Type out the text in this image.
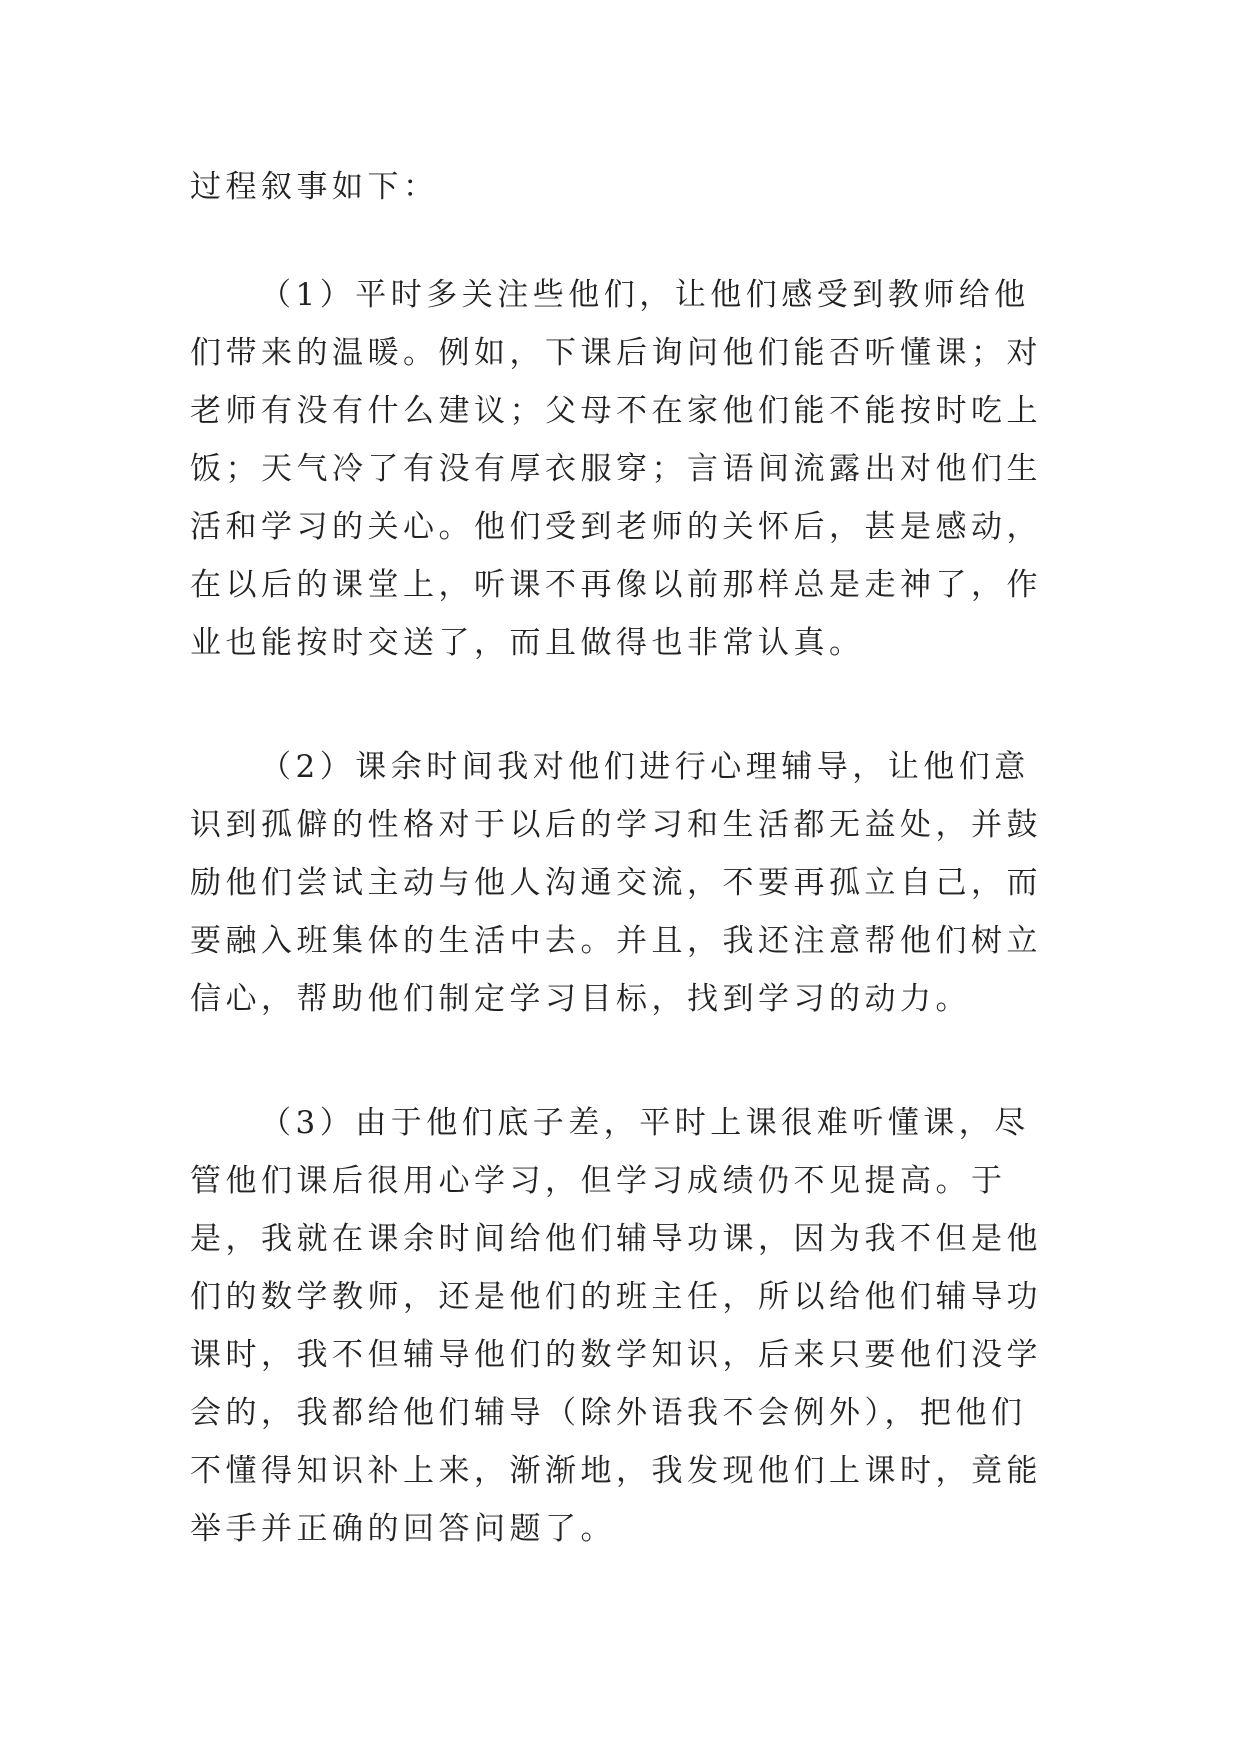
过程叙事如下：

（1）平时多关注些他们，让他们感受到教师给他们带来的温暖。例如，下课后询问他们能否听懂课；对老师有没有什么建议；父母不在家他们能不能按时吃上饭；天气冷了有没有厚衣服穿；言语间流露出对他们生活和学习的关心。他们受到老师的关怀后，甚是感动，在以后的课堂上，听课不再像以前那样总是走神了，作业也能按时交送了，而且做得也非常认真。

（2）课余时间我对他们进行心理辅导，让他们意识到孤僻的性格对于以后的学习和生活都无益处，并鼓励他们尝试主动与他人沟通交流，不要再孤立自己，而要融入班集体的生活中去。并且，我还注意帮他们树立信心，帮助他们制定学习目标，找到学习的动力。

（3）由于他们底子差，平时上课很难听懂课，尽管他们课后很用心学习，但学习成绩仍不见提高。于是，我就在课余时间给他们辅导功课，因为我不但是他们的数学教师，还是他们的班主任，所以给他们辅导功课时，我不但辅导他们的数学知识，后来只要他们没学会的，我都给他们辅导（除外语我不会例外），把他们不懂得知识补上来，渐渐地，我发现他们上课时，竟能举手并正确的回答问题了。
